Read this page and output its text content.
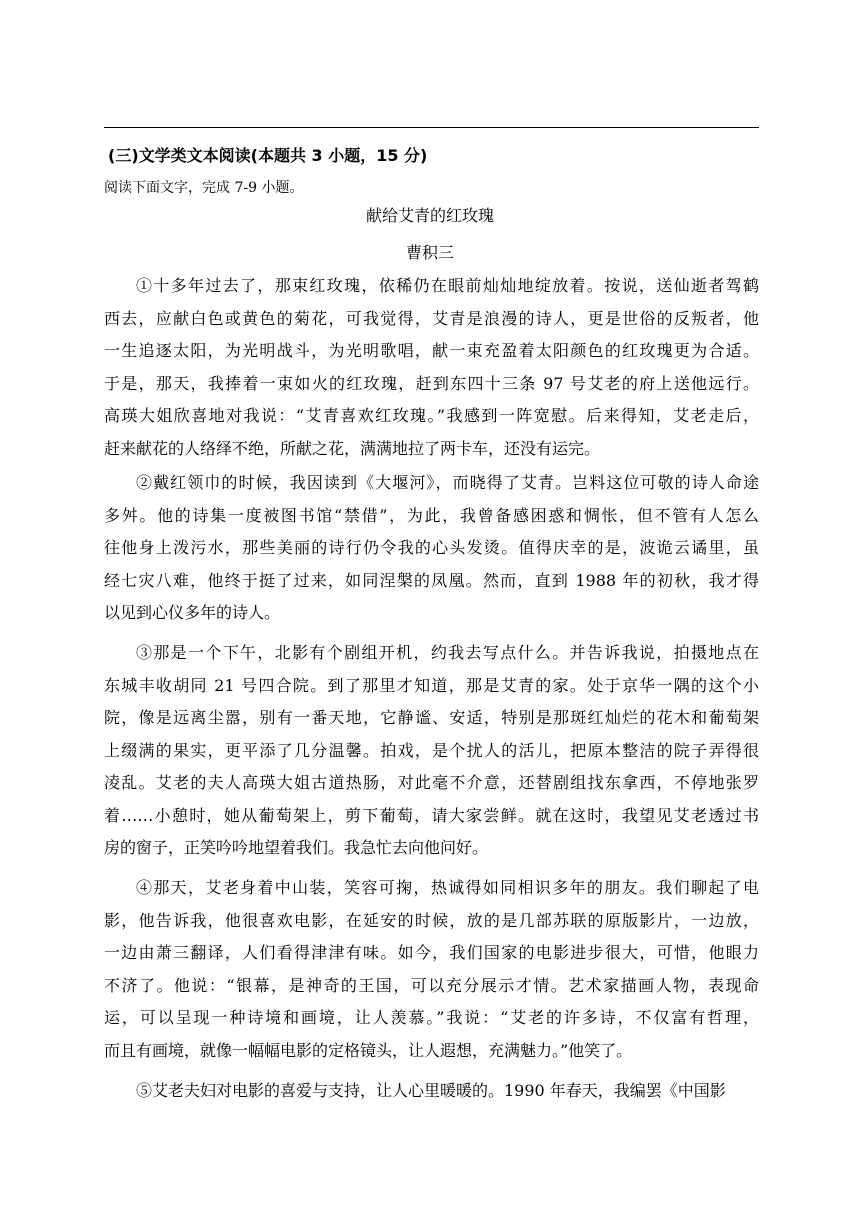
(三)文学类文本阅读(本题共 3 小题，15 分)
阅读下面文字，完成 7-9 小题。
献给艾青的红玫瑰
曹积三
①十多年过去了，那束红玫瑰，依稀仍在眼前灿灿地绽放着。按说，送仙逝者驾鹤
西去，应献白色或黄色的菊花，可我觉得，艾青是浪漫的诗人，更是世俗的反叛者，他
一生追逐太阳，为光明战斗，为光明歌唱，献一束充盈着太阳颜色的红玫瑰更为合适。
于是，那天，我捧着一束如火的红玫瑰，赶到东四十三条 97 号艾老的府上送他远行。
高瑛大姐欣喜地对我说：“艾青喜欢红玫瑰。”我感到一阵宽慰。后来得知，艾老走后，
赶来献花的人络绎不绝，所献之花，满满地拉了两卡车，还没有运完。
②戴红领巾的时候，我因读到《大堰河》，而晓得了艾青。岂料这位可敬的诗人命途
多舛。他的诗集一度被图书馆“禁借”，为此，我曾备感困惑和惆怅，但不管有人怎么
往他身上泼污水，那些美丽的诗行仍令我的心头发烫。值得庆幸的是，波诡云谲里，虽
经七灾八难，他终于挺了过来，如同涅槃的凤凰。然而，直到 1988 年的初秋，我才得
以见到心仪多年的诗人。
③那是一个下午，北影有个剧组开机，约我去写点什么。并告诉我说，拍摄地点在
东城丰收胡同 21 号四合院。到了那里才知道，那是艾青的家。处于京华一隅的这个小
院，像是远离尘嚣，别有一番天地，它静谧、安适，特别是那斑红灿烂的花木和葡萄架
上缀满的果实，更平添了几分温馨。拍戏，是个扰人的活儿，把原本整洁的院子弄得很
凌乱。艾老的夫人高瑛大姐古道热肠，对此毫不介意，还替剧组找东拿西，不停地张罗
着……小憩时，她从葡萄架上，剪下葡萄，请大家尝鲜。就在这时，我望见艾老透过书
房的窗子，正笑吟吟地望着我们。我急忙去向他问好。
④那天，艾老身着中山装，笑容可掬，热诚得如同相识多年的朋友。我们聊起了电
影，他告诉我，他很喜欢电影，在延安的时候，放的是几部苏联的原版影片，一边放，
一边由萧三翻译，人们看得津津有味。如今，我们国家的电影进步很大，可惜，他眼力
不济了。他说：“银幕，是神奇的王国，可以充分展示才情。艺术家描画人物，表现命
运，可以呈现一种诗境和画境，让人羡慕。”我说：“艾老的许多诗，不仅富有哲理，
而且有画境，就像一幅幅电影的定格镜头，让人遐想，充满魅力。”他笑了。
⑤艾老夫妇对电影的喜爱与支持，让人心里暖暖的。1990 年春天，我编罢《中国影
